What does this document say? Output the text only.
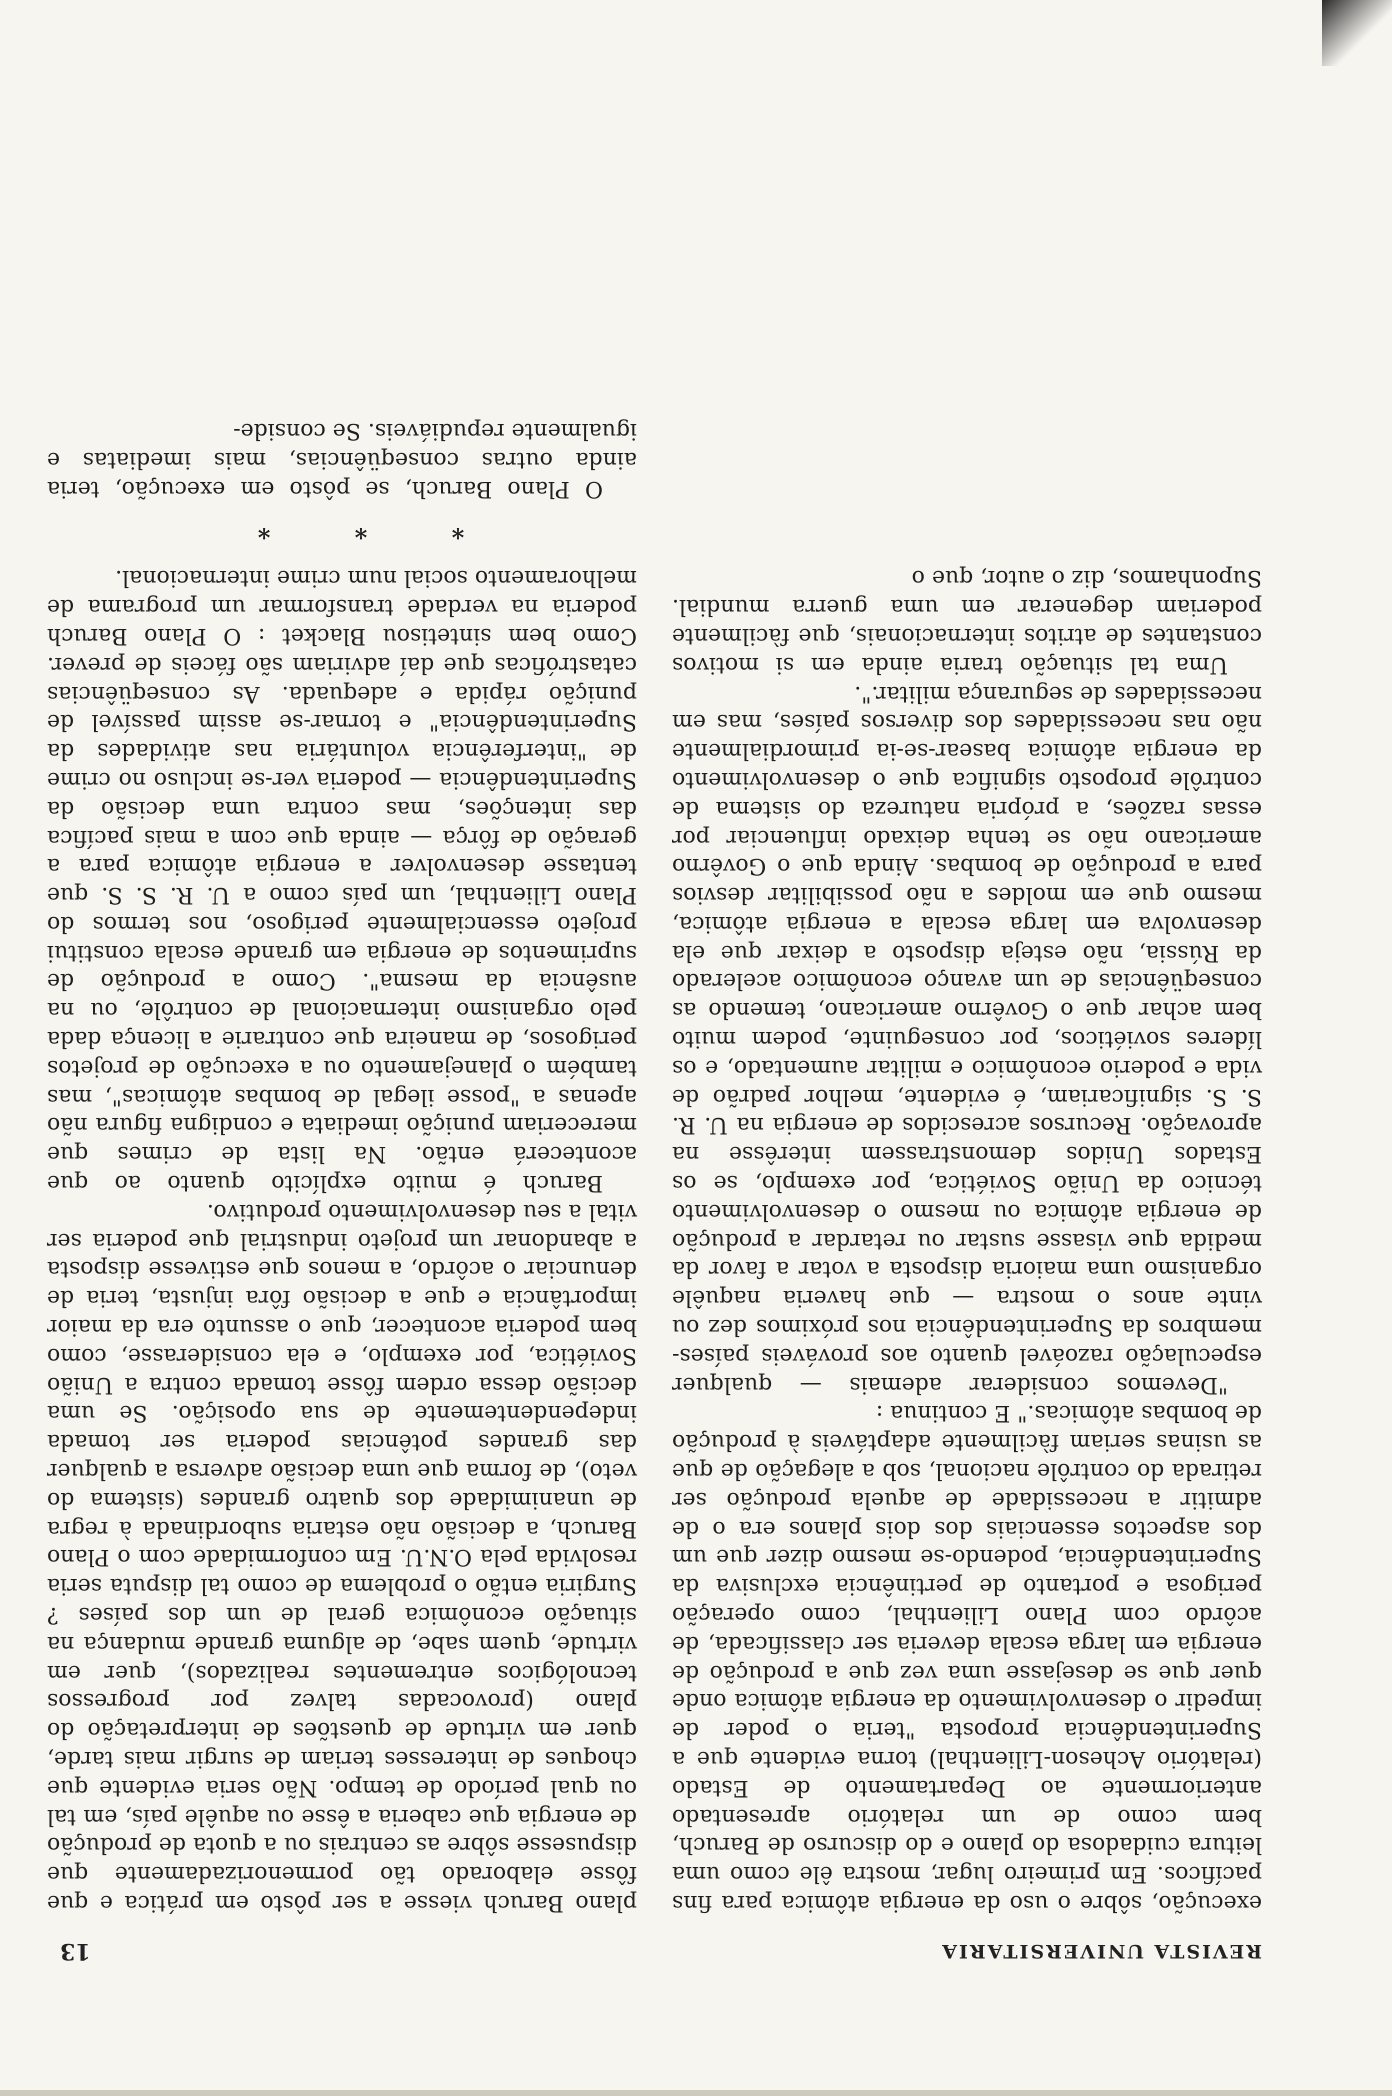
REVISTA UNIVERSITARIA
13

execução, sôbre o uso da energia atômica para fins pacíficos. Em primeiro lugar, mostra êle como uma leitura cuidadosa do plano e do discurso de Baruch, bem como de um relatório apresentado anteriormente ao Departamento de Estado (relatório Acheson-Lilienthal) torna evidente que a Superintendência proposta "teria o poder de impedir o desenvolvimento da energia atômica onde quer que se desejasse uma vez que a produção de energia em larga escala deveria ser classificada, de acôrdo com Plano Lilienthal, como operação perigosa e portanto de pertinência exclusiva da Superintendência, podendo-se mesmo dizer que um dos aspectos essenciais dos dois planos era o de admitir a necessidade de aquela produção ser retirada do contrôle nacional, sob a alegação de que as usinas seriam fàcilmente adaptáveis à produção de bombas atômicas." E continua :

"Devemos considerar ademais — qualquer especulação razoável quanto aos prováveis países-membros da Superintendência nos próximos dez ou vinte anos o mostra — que haveria naquêle organismo uma maioria disposta a votar a favor da medida que visasse sustar ou retardar a produção de energia atômica ou mesmo o desenvolvimento técnico da União Soviética, por exemplo, se os Estados Unidos demonstrassem interêsse na aprovação. Recursos acrescidos de energia na U. R. S. S. significariam, é evidente, melhor padrão de vida e poderio econômico e militar aumentado, e os líderes soviéticos, por conseguinte, podem muito bem achar que o Govêrno americano, temendo as conseqüências de um avanço econômico acelerado da Rússia, não esteja disposto a deixar que ela desenvolva em larga escala a energia atômica, mesmo que em moldes a não possibilitar desvios para a produção de bombas. Ainda que o Govêrno americano não se tenha deixado influenciar por essas razões, a própria natureza do sistema de contrôle proposto significa que o desenvolvimento da energia atômica basear-se-ia primordialmente não nas necessidades dos diversos países, mas em necessidades de segurança militar.".

Uma tal situação traria ainda em si motivos constantes de atritos internacionais, que fàcilmente poderiam degenerar em uma guerra mundial. Suponhamos, diz o autor, que o

plano Baruch viesse a ser pôsto em prática e que fôsse elaborado tão pormenorizadamente que dispusesse sôbre as centrais ou a quota de produção de energia que caberia a êsse ou aquêle país, em tal ou qual período de tempo. Não seria evidente que choques de interesses teriam de surgir mais tarde, quer em virtude de questões de interpretação do plano (provocadas talvez por progressos tecnológicos entrementes realizados), quer em virtude, quem sabe, de alguma grande mudança na situação econômica geral de um dos países ? Surgiria então o problema de como tal disputa seria resolvida pela O.N.U. Em conformidade com o Plano Baruch, a decisão não estaria subordinada à regra de unanimidade dos quatro grandes (sistema do veto), de forma que uma decisão adversa a qualquer das grandes potências poderia ser tomada independentemente de sua oposição. Se uma decisão dessa ordem fôsse tomada contra a União Soviética, por exemplo, e ela considerasse, como bem poderia acontecer, que o assunto era da maior importância e que a decisão fôra injusta, teria de denunciar o acôrdo, a menos que estivesse disposta a abandonar um projeto industrial que poderia ser vital a seu desenvolvimento produtivo.

Baruch é muito explícito quanto ao que acontecerá então. Na lista de crimes que mereceriam punição imediata e condigna figura não apenas a "posse ilegal de bombas atômicas", mas também o planejamento ou a execução de projetos perigosos, de maneira que contrarie a licença dada pelo organismo internacional de contrôle, ou na ausência da mesma". Como a produção de suprimentos de energia em grande escala constitui projeto essencialmente perigoso, nos termos do Plano Lilienthal, um país como a U. R. S. S. que tentasse desenvolver a energia atômica para a geração de fôrça — ainda que com a mais pacífica das intenções, mas contra uma decisão da Superintendência — poderia ver-se incluso no crime de "interferência voluntária nas atividades da Superintendência" e tornar-se assim passível de punição rápida e adequada. As conseqüências catastróficas que daí adviriam são fáceis de prever. Como bem sintetisou Blacket : O Plano Baruch poderia na verdade transformar um programa de melhoramento social num crime internacional.

* * *

O Plano Baruch, se pôsto em execução, teria ainda outras conseqüências, mais imediatas e igualmente repudiáveis. Se conside-
